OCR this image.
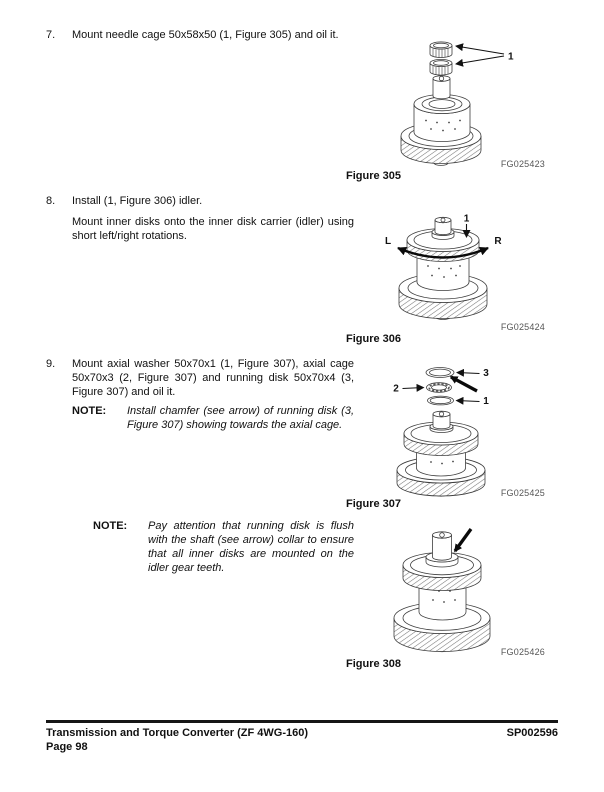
7.	Mount needle cage 50x58x50 (1, Figure 305) and oil it.

1
FG025423
Figure 305
8.	Install (1, Figure 306) idler.

Mount inner disks onto the inner disk carrier (idler) using short left/right rotations.	L	R
1
FG025424
Figure 306
9.	Mount axial washer 50x70x1 (1, Figure 307), axial cage 50x70x3 (2, Figure 307) and running disk 50x70x4 (3, Figure 307) and oil it.

NOTE:	Install chamfer (see arrow) of running disk (3, Figure 307) showing towards the axial cage.
3
2
1
FG025425
Figure 307
NOTE:	Pay attention that running disk is flush with the shaft (see arrow) collar to ensure that all inner disks are mounted on the idler gear teeth.
FG025426
Figure 308
Transmission and Torque Converter (ZF 4WG-160)
Page 98
SP002596
